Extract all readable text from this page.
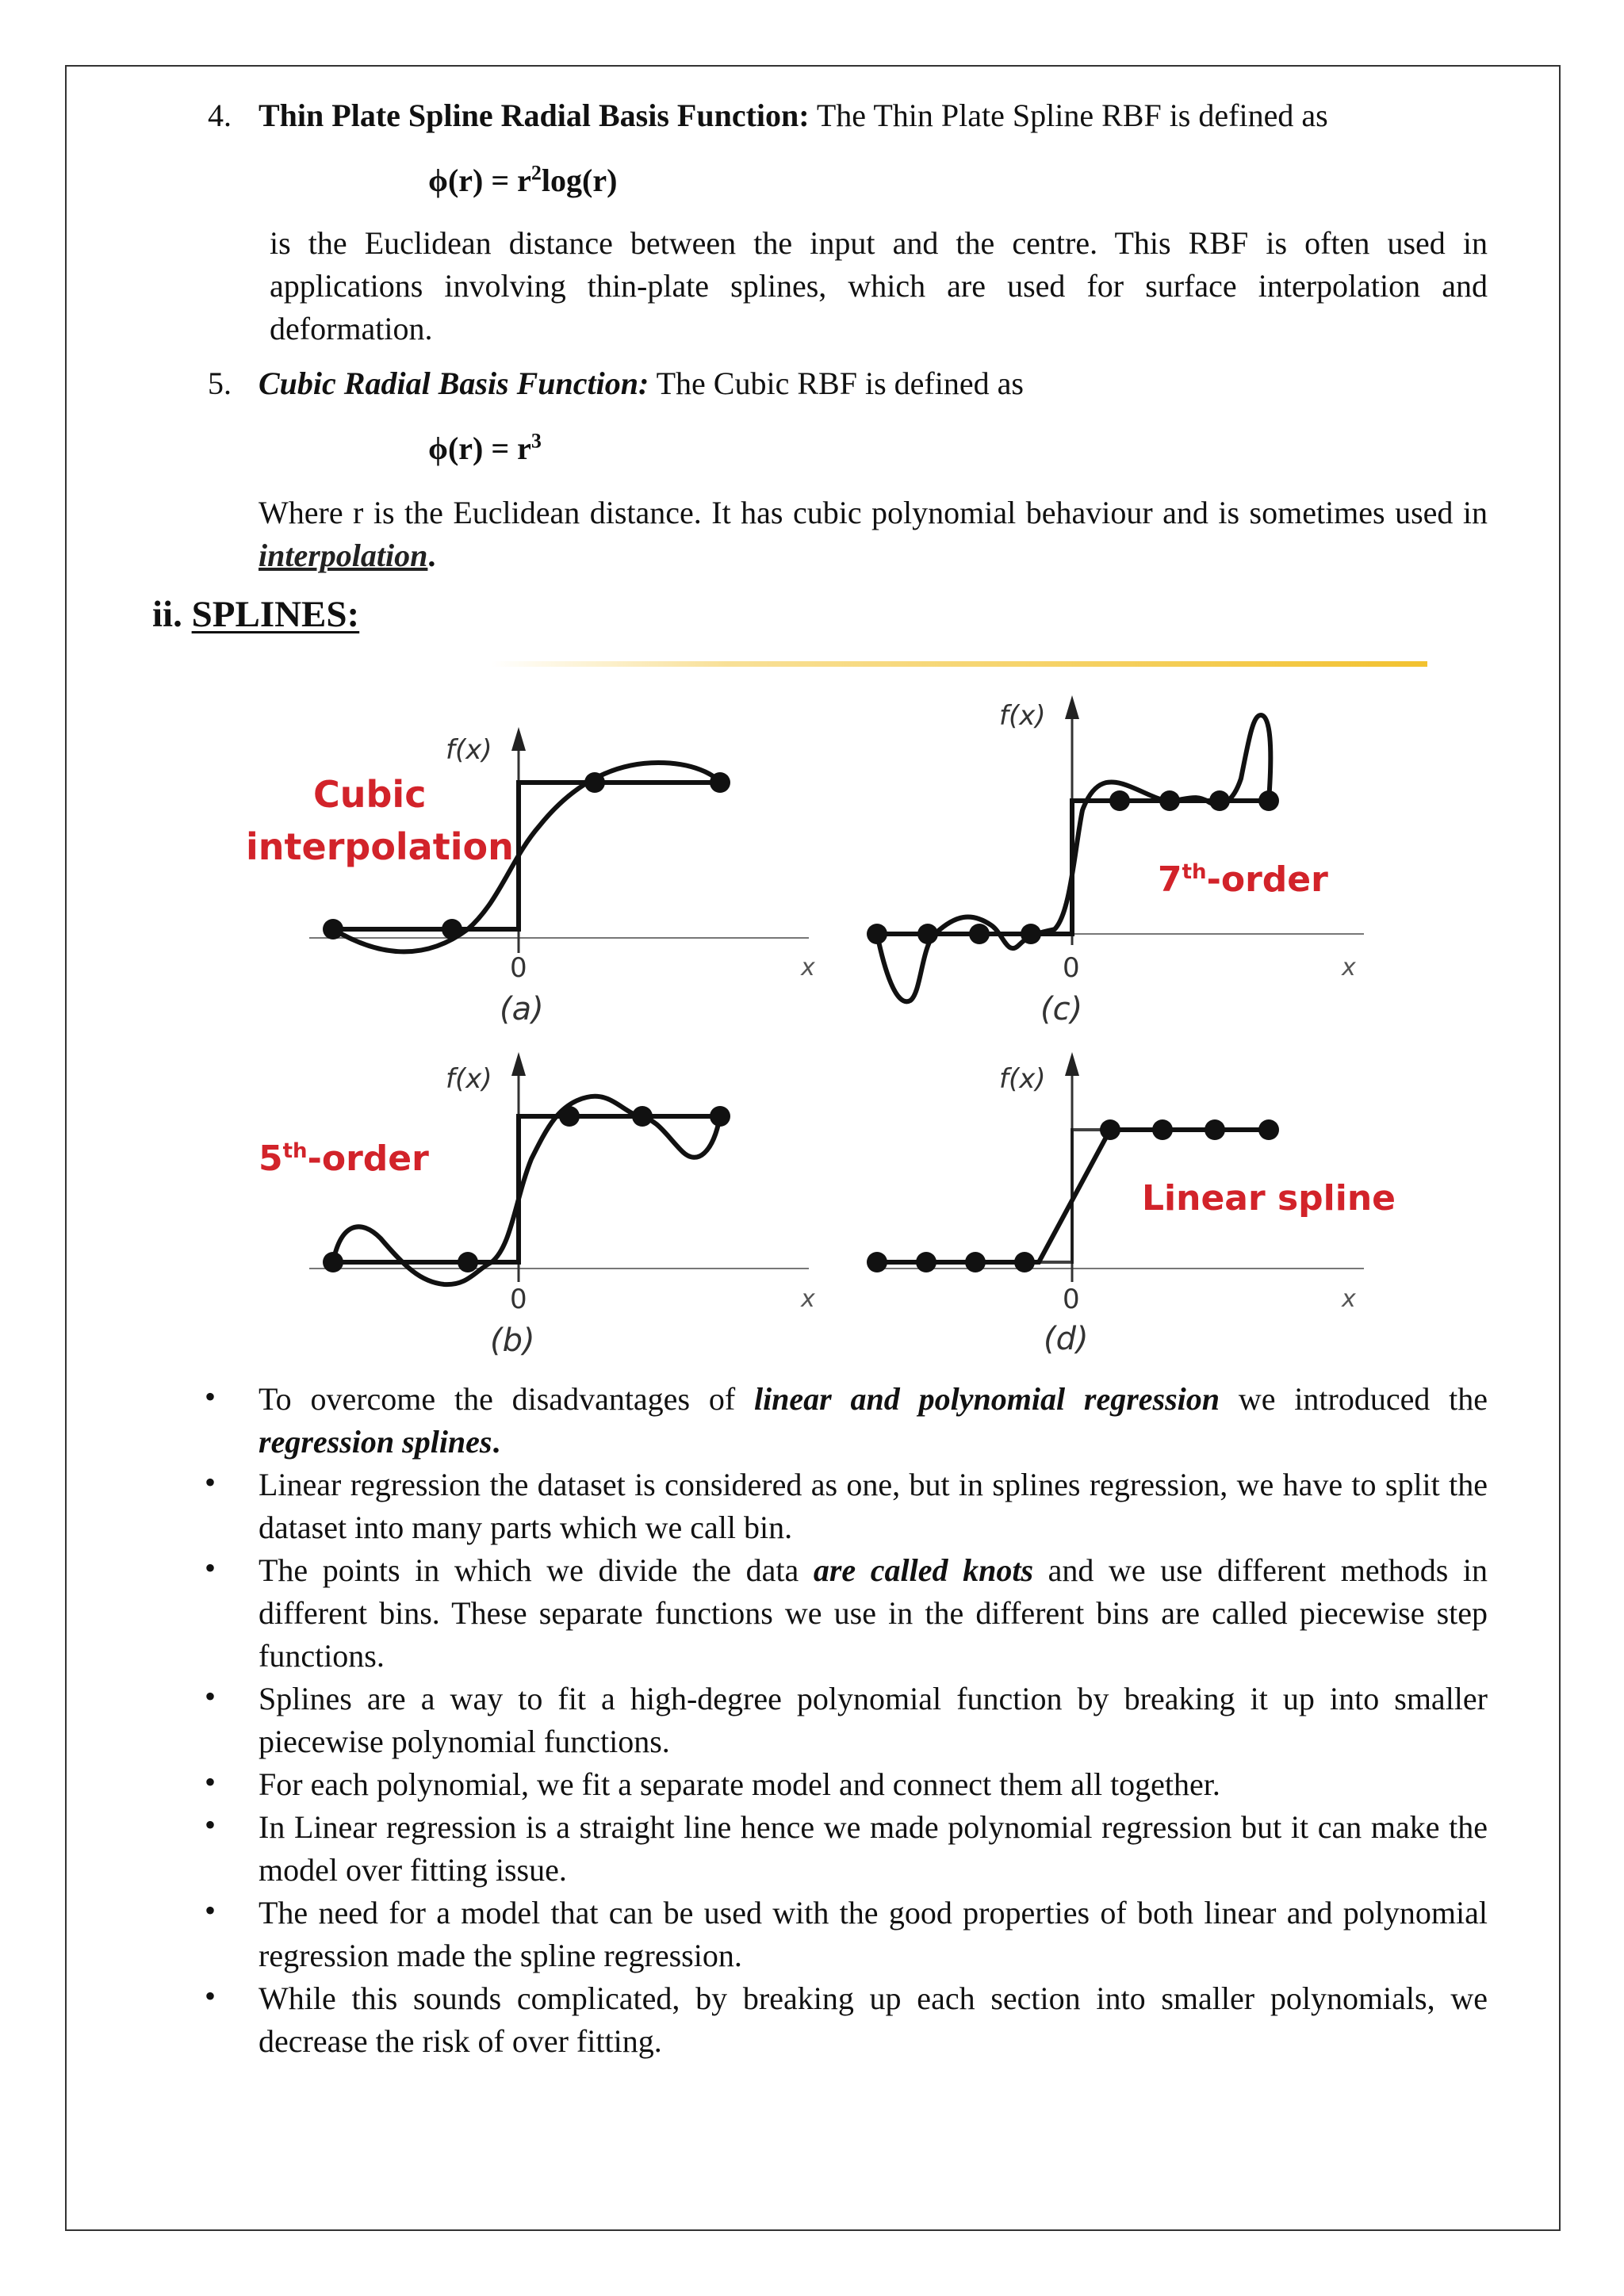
4. Thin Plate Spline Radial Basis Function: The Thin Plate Spline RBF is defined as
$\phi(r) = r^2\log(r)$
is the Euclidean distance between the input and the centre. This RBF is often used in applications involving thin-plate splines, which are used for surface interpolation and deformation.
5. Cubic Radial Basis Function: The Cubic RBF is defined as
$\phi(r) = r^3$
Where r is the Euclidean distance. It has cubic polynomial behaviour and is sometimes used in interpolation.
ii. SPLINES:
f(x)
0	x
(a)
Cubic interpolation
f(x)
0	x
(c)
7th-order
f(x)
0	x
(b)
5th-order
f(x)
0	x
(d)
Linear spline
• To overcome the disadvantages of linear and polynomial regression we introduced the regression splines.
• Linear regression the dataset is considered as one, but in splines regression, we have to split the dataset into many parts which we call bin.
• The points in which we divide the data are called knots and we use different methods in different bins. These separate functions we use in the different bins are called piecewise step functions.
• Splines are a way to fit a high-degree polynomial function by breaking it up into smaller piecewise polynomial functions.
• For each polynomial, we fit a separate model and connect them all together.
• In Linear regression is a straight line hence we made polynomial regression but it can make the model over fitting issue.
• The need for a model that can be used with the good properties of both linear and polynomial regression made the spline regression.
• While this sounds complicated, by breaking up each section into smaller polynomials, we decrease the risk of over fitting.
